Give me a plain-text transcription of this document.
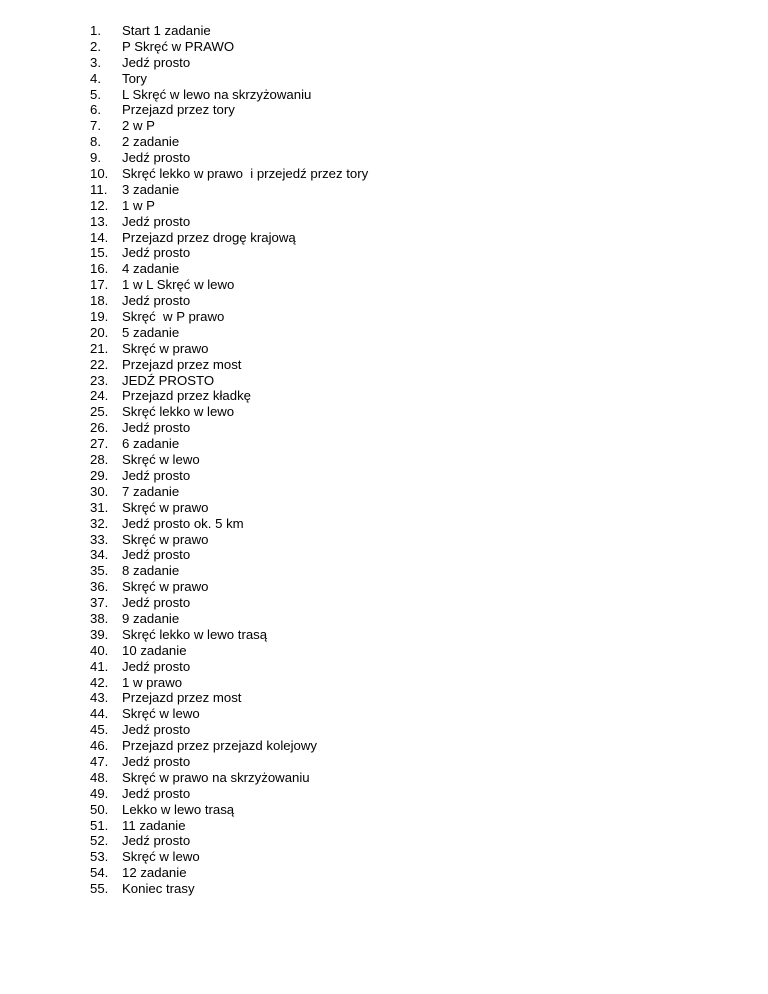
1.	Start 1 zadanie
2.	P Skręć w PRAWO
3.	Jedź prosto
4.	Tory
5.	L Skręć w lewo na skrzyżowaniu
6.	Przejazd przez tory
7.	2 w P
8.	2 zadanie
9.	Jedź prosto
10.	Skręć lekko w prawo  i przejedź przez tory
11.	3 zadanie
12.	1 w P
13.	Jedź prosto
14.	Przejazd przez drogę krajową
15.	Jedź prosto
16.	4 zadanie
17.	1 w L Skręć w lewo
18.	Jedź prosto
19.	Skręć  w P prawo
20.	5 zadanie
21.	Skręć w prawo
22.	Przejazd przez most
23.	JEDŹ PROSTO
24.	Przejazd przez kładkę
25.	Skręć lekko w lewo
26.	Jedź prosto
27.	6 zadanie
28.	Skręć w lewo
29.	Jedź prosto
30.	7 zadanie
31.	Skręć w prawo
32.	Jedź prosto ok. 5 km
33.	Skręć w prawo
34.	Jedź prosto
35.	8 zadanie
36.	Skręć w prawo
37.	Jedź prosto
38.	9 zadanie
39.	Skręć lekko w lewo trasą
40.	10 zadanie
41.	Jedź prosto
42.	1 w prawo
43.	Przejazd przez most
44.	Skręć w lewo
45.	Jedź prosto
46.	Przejazd przez przejazd kolejowy
47.	Jedź prosto
48.	Skręć w prawo na skrzyżowaniu
49.	Jedź prosto
50.	Lekko w lewo trasą
51.	11 zadanie
52.	Jedź prosto
53.	Skręć w lewo
54.	12 zadanie
55.	Koniec trasy
